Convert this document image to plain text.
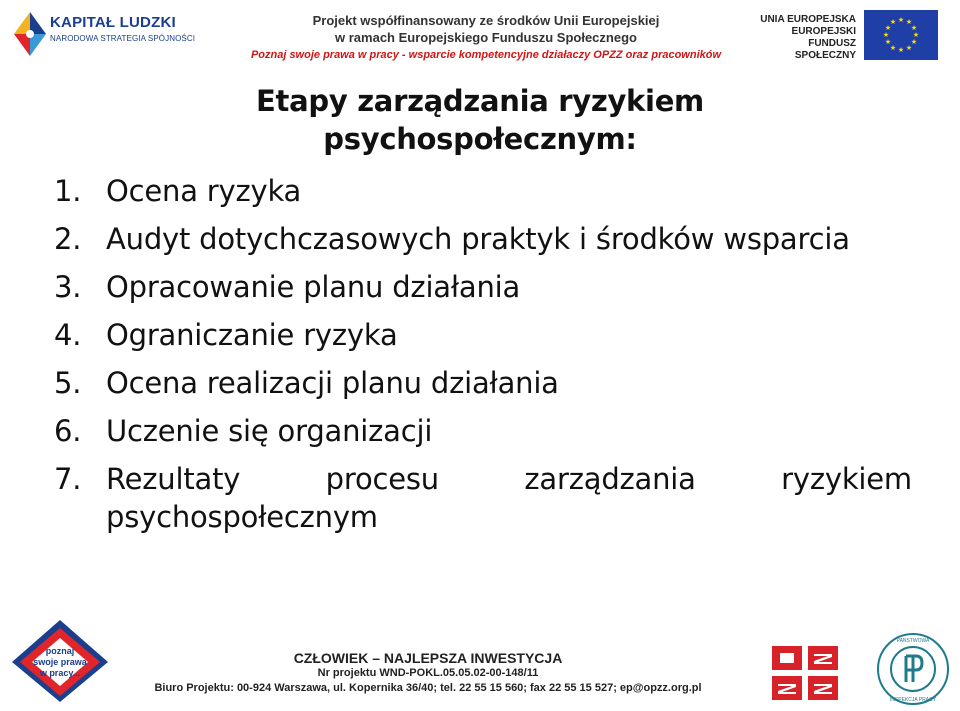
KAPITAŁ LUDZKI
NARODOWA STRATEGIA SPÓJNOŚCI
Projekt współfinansowany ze środków Unii Europejskiej
w ramach Europejskiego Funduszu Społecznego
Poznaj swoje prawa w pracy - wsparcie kompetencyjne działaczy OPZZ oraz pracowników
UNIA EUROPEJSKA
EUROPEJSKI
FUNDUSZ SPOŁECZNY
★ ★
★
★
★
★
★
★
★
★
★
★
Etapy zarządzania ryzykiem
psychospołecznym:
1. Ocena ryzyka
2. Audyt dotychczasowych praktyk i środków wsparcia
3. Opracowanie planu działania
4. Ograniczanie ryzyka
5. Ocena realizacji planu działania
6. Uczenie się organizacji
7. Rezultaty procesu zarządzania ryzykiem psychospołecznym
poznaj
swoje prawa
w pracy...
CZŁOWIEK – NAJLEPSZA INWESTYCJA
Nr projektu WND-POKL.05.05.02-00-148/11
Biuro Projektu: 00-924 Warszawa, ul. Kopernika 36/40; tel. 22 55 15 560; fax 22 55 15 527; ep@opzz.org.pl
PAŃSTWOWA
INSPEKCJA PRACY
